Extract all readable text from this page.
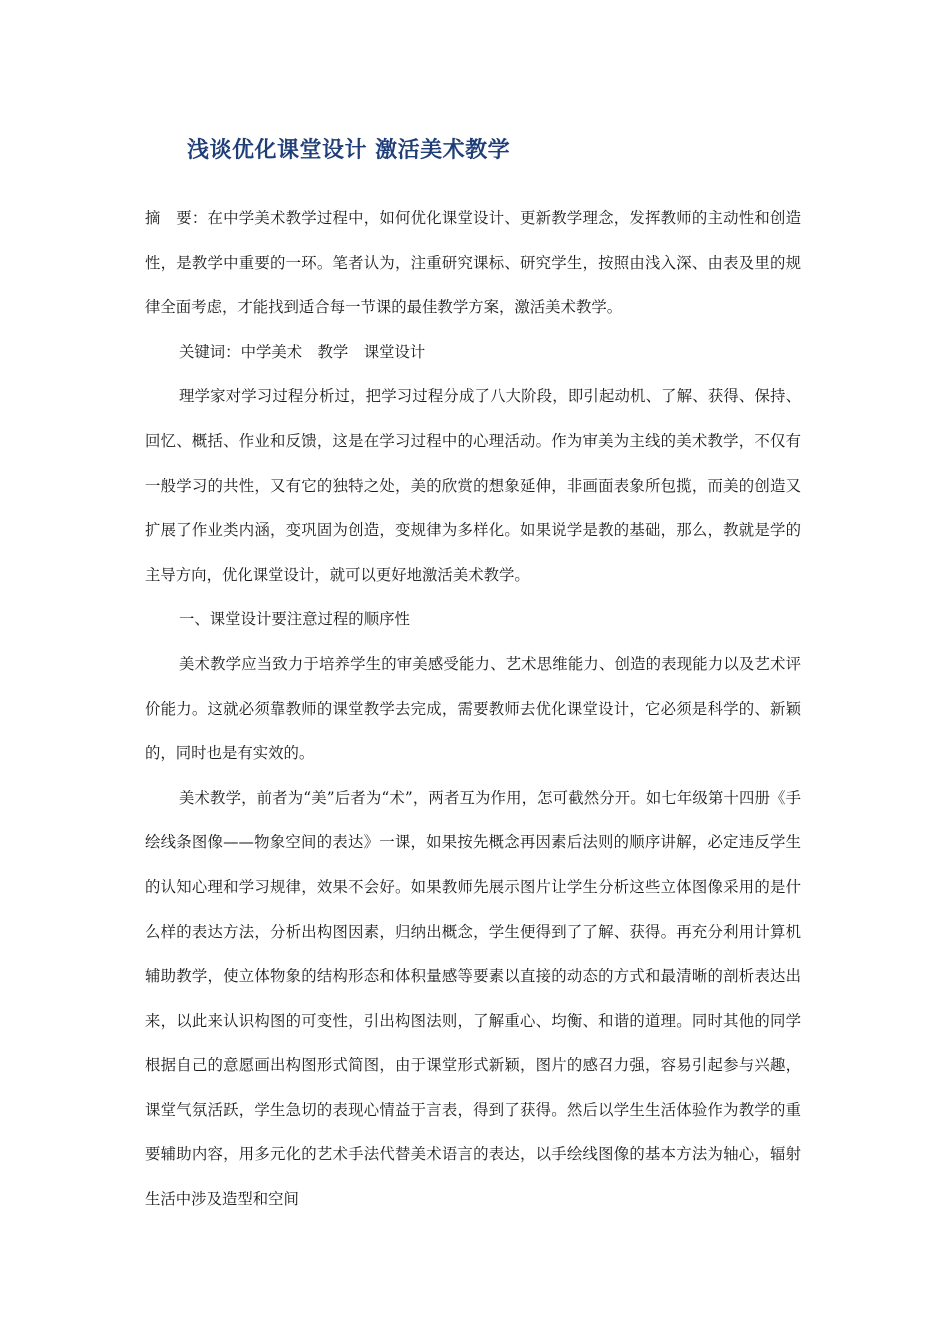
浅谈优化课堂设计 激活美术教学

摘　要：在中学美术教学过程中，如何优化课堂设计、更新教学理念，发挥教师的主动性和创造性，是教学中重要的一环。笔者认为，注重研究课标、研究学生，按照由浅入深、由表及里的规律全面考虑，才能找到适合每一节课的最佳教学方案，激活美术教学。

关键词：中学美术　教学　课堂设计

理学家对学习过程分析过，把学习过程分成了八大阶段，即引起动机、了解、获得、保持、回忆、概括、作业和反馈，这是在学习过程中的心理活动。作为审美为主线的美术教学，不仅有一般学习的共性，又有它的独特之处，美的欣赏的想象延伸，非画面表象所包揽，而美的创造又扩展了作业类内涵，变巩固为创造，变规律为多样化。如果说学是教的基础，那么，教就是学的主导方向，优化课堂设计，就可以更好地激活美术教学。

一、课堂设计要注意过程的顺序性

美术教学应当致力于培养学生的审美感受能力、艺术思维能力、创造的表现能力以及艺术评价能力。这就必须靠教师的课堂教学去完成，需要教师去优化课堂设计，它必须是科学的、新颖的，同时也是有实效的。

美术教学，前者为“美”后者为“术”，两者互为作用，怎可截然分开。如七年级第十四册《手绘线条图像——物象空间的表达》一课，如果按先概念再因素后法则的顺序讲解，必定违反学生的认知心理和学习规律，效果不会好。如果教师先展示图片让学生分析这些立体图像采用的是什么样的表达方法，分析出构图因素，归纳出概念，学生便得到了了解、获得。再充分利用计算机辅助教学，使立体物象的结构形态和体积量感等要素以直接的动态的方式和最清晰的剖析表达出来，以此来认识构图的可变性，引出构图法则，了解重心、均衡、和谐的道理。同时其他的同学根据自己的意愿画出构图形式简图，由于课堂形式新颖，图片的感召力强，容易引起参与兴趣，课堂气氛活跃，学生急切的表现心情益于言表，得到了获得。然后以学生生活体验作为教学的重要辅助内容，用多元化的艺术手法代替美术语言的表达，以手绘线图像的基本方法为轴心，辐射生活中涉及造型和空间
